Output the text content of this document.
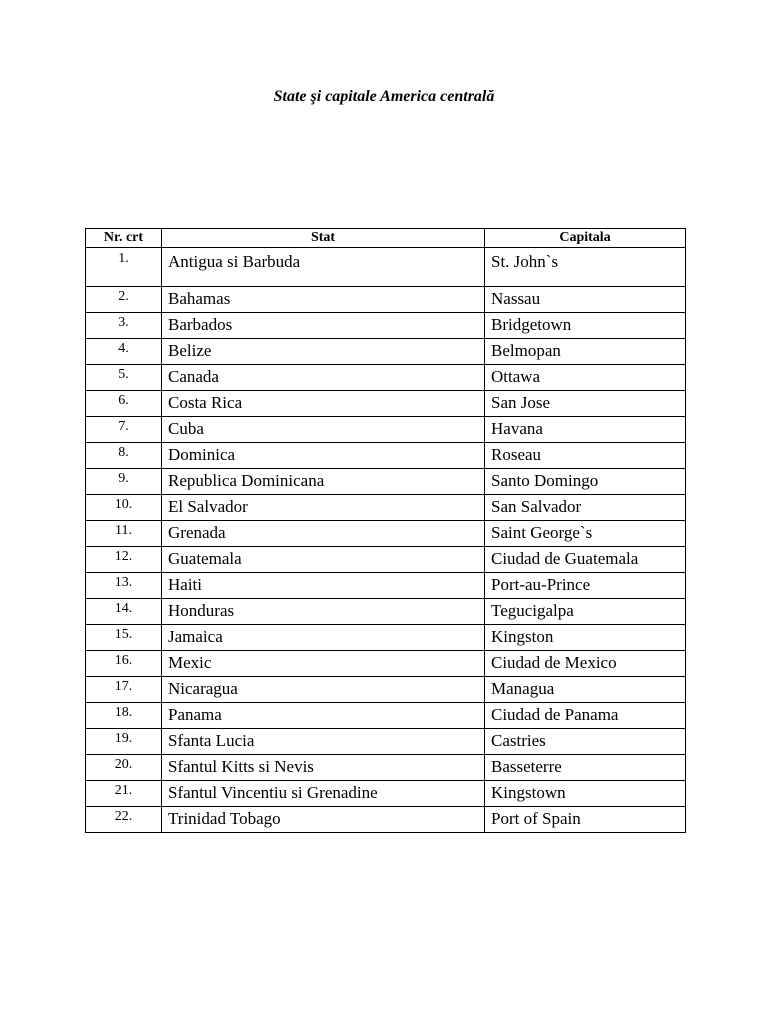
State şi capitale America centrală
Nr. crt	Stat	Capitala
1.	Antigua si Barbuda	St. John`s
2.	Bahamas	Nassau
3.	Barbados	Bridgetown
4.	Belize	Belmopan
5.	Canada	Ottawa
6.	Costa Rica	San Jose
7.	Cuba	Havana
8.	Dominica	Roseau
9.	Republica Dominicana	Santo Domingo
10.	El Salvador	San Salvador
11.	Grenada	Saint George`s
12.	Guatemala	Ciudad de Guatemala
13.	Haiti	Port-au-Prince
14.	Honduras	Tegucigalpa
15.	Jamaica	Kingston
16.	Mexic	Ciudad de Mexico
17.	Nicaragua	Managua
18.	Panama	Ciudad de Panama
19.	Sfanta Lucia	Castries
20.	Sfantul Kitts si Nevis	Basseterre
21.	Sfantul Vincentiu si Grenadine	Kingstown
22.	Trinidad Tobago	Port of Spain
